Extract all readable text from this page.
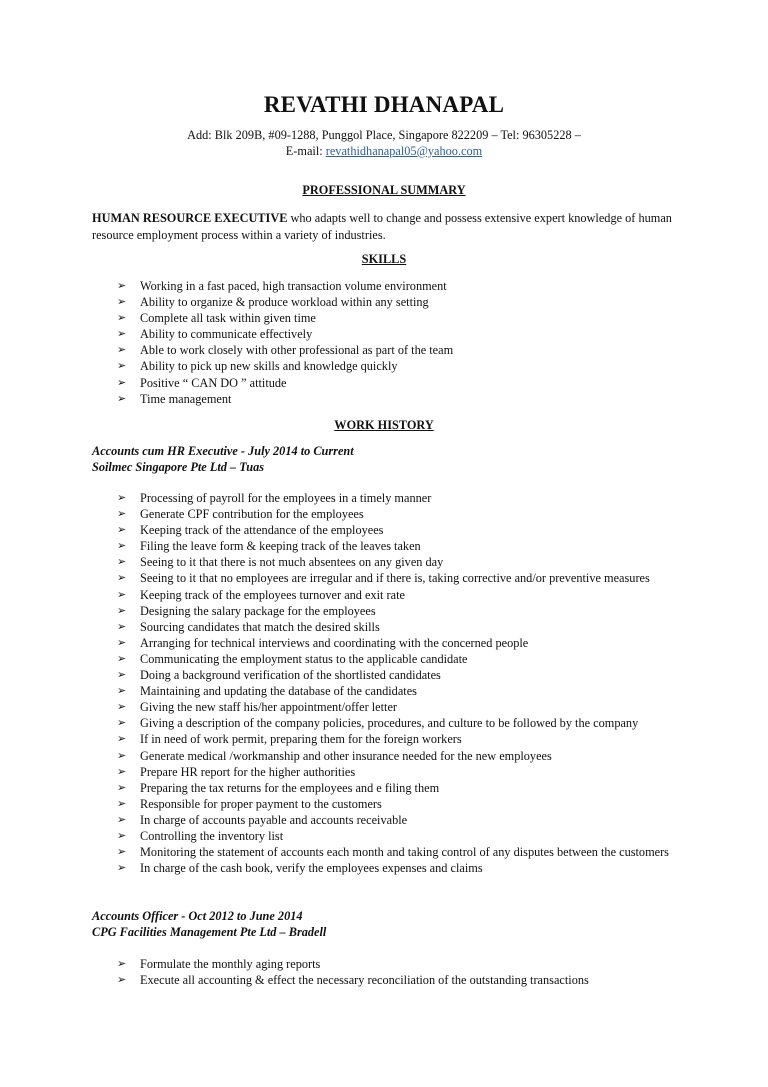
REVATHI DHANAPAL
Add: Blk 209B, #09-1288, Punggol Place, Singapore 822209 – Tel: 96305228 –
E-mail: revathidhanapal05@yahoo.com
PROFESSIONAL SUMMARY
HUMAN RESOURCE EXECUTIVE who adapts well to change and possess extensive expert knowledge of human resource employment process within a variety of industries.
SKILLS
➢	Working in a fast paced, high transaction volume environment
➢	Ability to organize & produce workload within any setting
➢	Complete all task within given time
➢	Ability to communicate effectively
➢	Able to work closely with other professional as part of the team
➢	Ability to pick up new skills and knowledge quickly
➢	Positive “ CAN DO ” attitude
➢	Time management
WORK HISTORY
Accounts cum HR Executive - July 2014 to Current
Soilmec Singapore Pte Ltd – Tuas
➢	Processing of payroll for the employees in a timely manner
➢	Generate CPF contribution for the employees
➢	Keeping track of the attendance of the employees
➢	Filing the leave form & keeping track of the leaves taken
➢	Seeing to it that there is not much absentees on any given day
➢	Seeing to it that no employees are irregular and if there is, taking corrective and/or preventive measures
➢	Keeping track of the employees turnover and exit rate
➢	Designing the salary package for the employees
➢	Sourcing candidates that match the desired skills
➢	Arranging for technical interviews and coordinating with the concerned people
➢	Communicating the employment status to the applicable candidate
➢	Doing a background verification of the shortlisted candidates
➢	Maintaining and updating the database of the candidates
➢	Giving the new staff his/her appointment/offer letter
➢	Giving a description of the company policies, procedures, and culture to be followed by the company
➢	If in need of work permit, preparing them for the foreign workers
➢	Generate medical /workmanship and other insurance needed for the new employees
➢	Prepare HR report for the higher authorities
➢	Preparing the tax returns for the employees and e filing them
➢	Responsible for proper payment to the customers
➢	In charge of accounts payable and accounts receivable
➢	Controlling the inventory list
➢	Monitoring the statement of accounts each month and taking control of any disputes between the customers
➢	In charge of the cash book, verify the employees expenses and claims
Accounts Officer - Oct 2012 to June 2014
CPG Facilities Management Pte Ltd – Bradell
➢	Formulate the monthly aging reports
➢	Execute all accounting & effect the necessary reconciliation of the outstanding transactions
